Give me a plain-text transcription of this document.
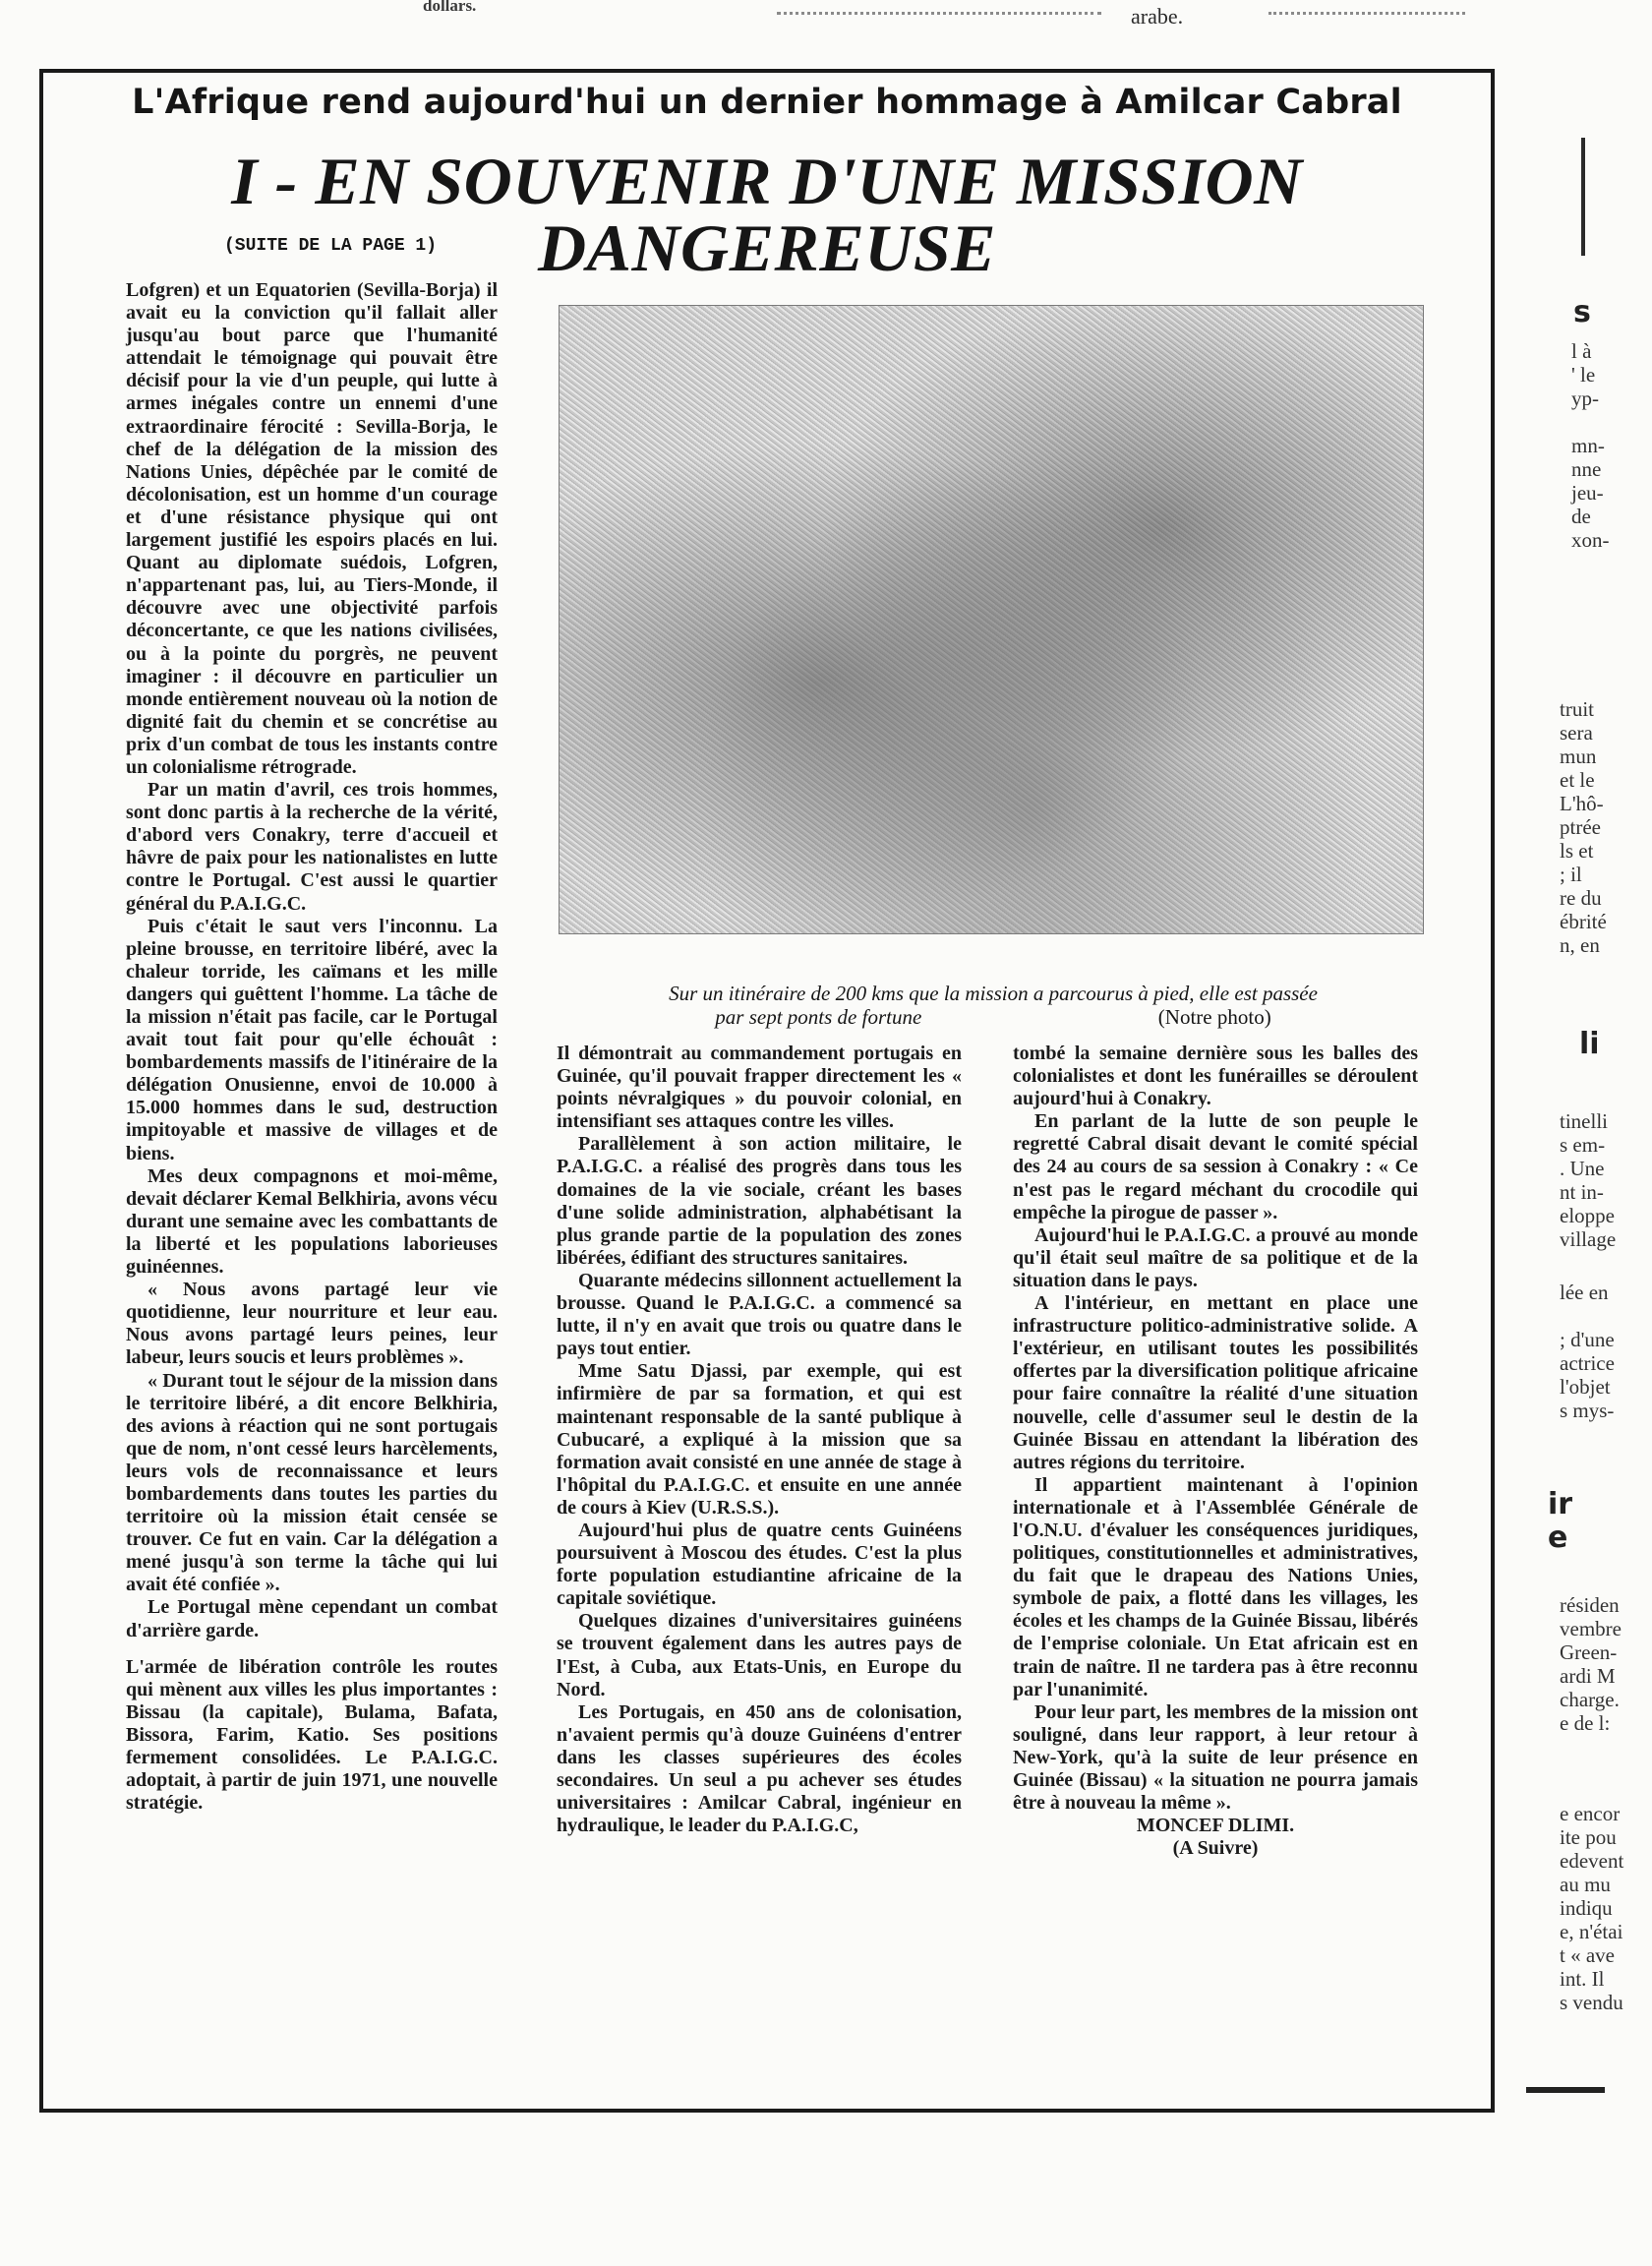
dollars.	arabe.
L'Afrique rend aujourd'hui un dernier hommage à Amilcar Cabral
I - EN SOUVENIR D'UNE MISSION DANGEREUSE
(SUITE DE LA PAGE 1)

Lofgren) et un Equatorien (Sevilla-Borja) il avait eu la conviction qu'il fallait aller jusqu'au bout parce que l'humanité attendait le témoignage qui pouvait être décisif pour la vie d'un peuple, qui lutte à armes inégales contre un ennemi d'une extraordinaire férocité : Sevilla-Borja, le chef de la délégation de la mission des Nations Unies, dépêchée par le comité de décolonisation, est un homme d'un courage et d'une résistance physique qui ont largement justifié les espoirs placés en lui. Quant au diplomate suédois, Lofgren, n'appartenant pas, lui, au Tiers-Monde, il découvre avec une objectivité parfois déconcertante, ce que les nations civilisées, ou à la pointe du porgrès, ne peuvent imaginer : il découvre en particulier un monde entièrement nouveau où la notion de dignité fait du chemin et se concrétise au prix d'un combat de tous les instants contre un colonialisme rétrograde.

Par un matin d'avril, ces trois hommes, sont donc partis à la recherche de la vérité, d'abord vers Conakry, terre d'accueil et hâvre de paix pour les nationalistes en lutte contre le Portugal. C'est aussi le quartier général du P.A.I.G.C.

Puis c'était le saut vers l'inconnu. La pleine brousse, en territoire libéré, avec la chaleur torride, les caïmans et les mille dangers qui guêttent l'homme. La tâche de la mission n'était pas facile, car le Portugal avait tout fait pour qu'elle échouât : bombardements massifs de l'itinéraire de la délégation Onusienne, envoi de 10.000 à 15.000 hommes dans le sud, destruction impitoyable et massive de villages et de biens.

Mes deux compagnons et moi-même, devait déclarer Kemal Belkhiria, avons vécu durant une semaine avec les combattants de la liberté et les populations laborieuses guinéennes.

« Nous avons partagé leur vie quotidienne, leur nourriture et leur eau. Nous avons partagé leurs peines, leur labeur, leurs soucis et leurs problèmes ».

« Durant tout le séjour de la mission dans le territoire libéré, a dit encore Belkhiria, des avions à réaction qui ne sont portugais que de nom, n'ont cessé leurs harcèlements, leurs vols de reconnaissance et leurs bombardements dans toutes les parties du territoire où la mission était censée se trouver. Ce fut en vain. Car la délégation a mené jusqu'à son terme la tâche qui lui avait été confiée ».

Le Portugal mène cependant un combat d'arrière garde.

L'armée de libération contrôle les routes qui mènent aux villes les plus importantes : Bissau (la capitale), Bulama, Bafata, Bissora, Farim, Katio. Ses positions fermement consolidées. Le P.A.I.G.C. adoptait, à partir de juin 1971, une nouvelle stratégie.

Sur un itinéraire de 200 kms que la mission a parcourus à pied, elle est passée
par sept ponts de fortune	(Notre photo)

Il démontrait au commandement portugais en Guinée, qu'il pouvait frapper directement les « points névralgiques » du pouvoir colonial, en intensifiant ses attaques contre les villes.

Parallèlement à son action militaire, le P.A.I.G.C. a réalisé des progrès dans tous les domaines de la vie sociale, créant les bases d'une solide administration, alphabétisant la plus grande partie de la population des zones libérées, édifiant des structures sanitaires.

Quarante médecins sillonnent actuellement la brousse. Quand le P.A.I.G.C. a commencé sa lutte, il n'y en avait que trois ou quatre dans le pays tout entier.

Mme Satu Djassi, par exemple, qui est infirmière de par sa formation, et qui est maintenant responsable de la santé publique à Cubucaré, a expliqué à la mission que sa formation avait consisté en une année de stage à l'hôpital du P.A.I.G.C. et ensuite en une année de cours à Kiev (U.R.S.S.).

Aujourd'hui plus de quatre cents Guinéens poursuivent à Moscou des études. C'est la plus forte population estudiantine africaine de la capitale soviétique.

Quelques dizaines d'universitaires guinéens se trouvent également dans les autres pays de l'Est, à Cuba, aux Etats-Unis, en Europe du Nord.

Les Portugais, en 450 ans de colonisation, n'avaient permis qu'à douze Guinéens d'entrer dans les classes supérieures des écoles secondaires. Un seul a pu achever ses études universitaires : Amilcar Cabral, ingénieur en hydraulique, le leader du P.A.I.G.C,

tombé la semaine dernière sous les balles des colonialistes et dont les funérailles se déroulent aujourd'hui à Conakry.

En parlant de la lutte de son peuple le regretté Cabral disait devant le comité spécial des 24 au cours de sa session à Conakry : « Ce n'est pas le regard méchant du crocodile qui empêche la pirogue de passer ».

Aujourd'hui le P.A.I.G.C. a prouvé au monde qu'il était seul maître de sa politique et de la situation dans le pays.

A l'intérieur, en mettant en place une infrastructure politico-administrative solide. A l'extérieur, en utilisant toutes les possibilités offertes par la diversification politique africaine pour faire connaître la réalité d'une situation nouvelle, celle d'assumer seul le destin de la Guinée Bissau en attendant la libération des autres régions du territoire.

Il appartient maintenant à l'opinion internationale et à l'Assemblée Générale de l'O.N.U. d'évaluer les conséquences juridiques, politiques, constitutionnelles et administratives, du fait que le drapeau des Nations Unies, symbole de paix, a flotté dans les villages, les écoles et les champs de la Guinée Bissau, libérés de l'emprise coloniale. Un Etat africain est en train de naître. Il ne tardera pas à être reconnu par l'unanimité.

Pour leur part, les membres de la mission ont souligné, dans leur rapport, à leur retour à New-York, qu'à la suite de leur présence en Guinée (Bissau) « la situation ne pourra jamais être à nouveau la même ».

MONCEF DLIMI.
(A Suivre)
s
l à
' le
yp-

mn-
nne
jeu-
de
xon-
truit
sera
mun
et le
L'hô-
ptrée
ls et
; il
re du
ébrité
n, en
li
tinelli
s em-
. Une
nt in-
eloppe
village
lée en

; d'une
actrice
l'objet
s mys-
ir
e
résiden
vembre
Green-
ardi M
charge.
e de l:
e encor
ite pou
edevent
au mu
indiqu
e, n'étai
t « ave
int. Il
s vendu
